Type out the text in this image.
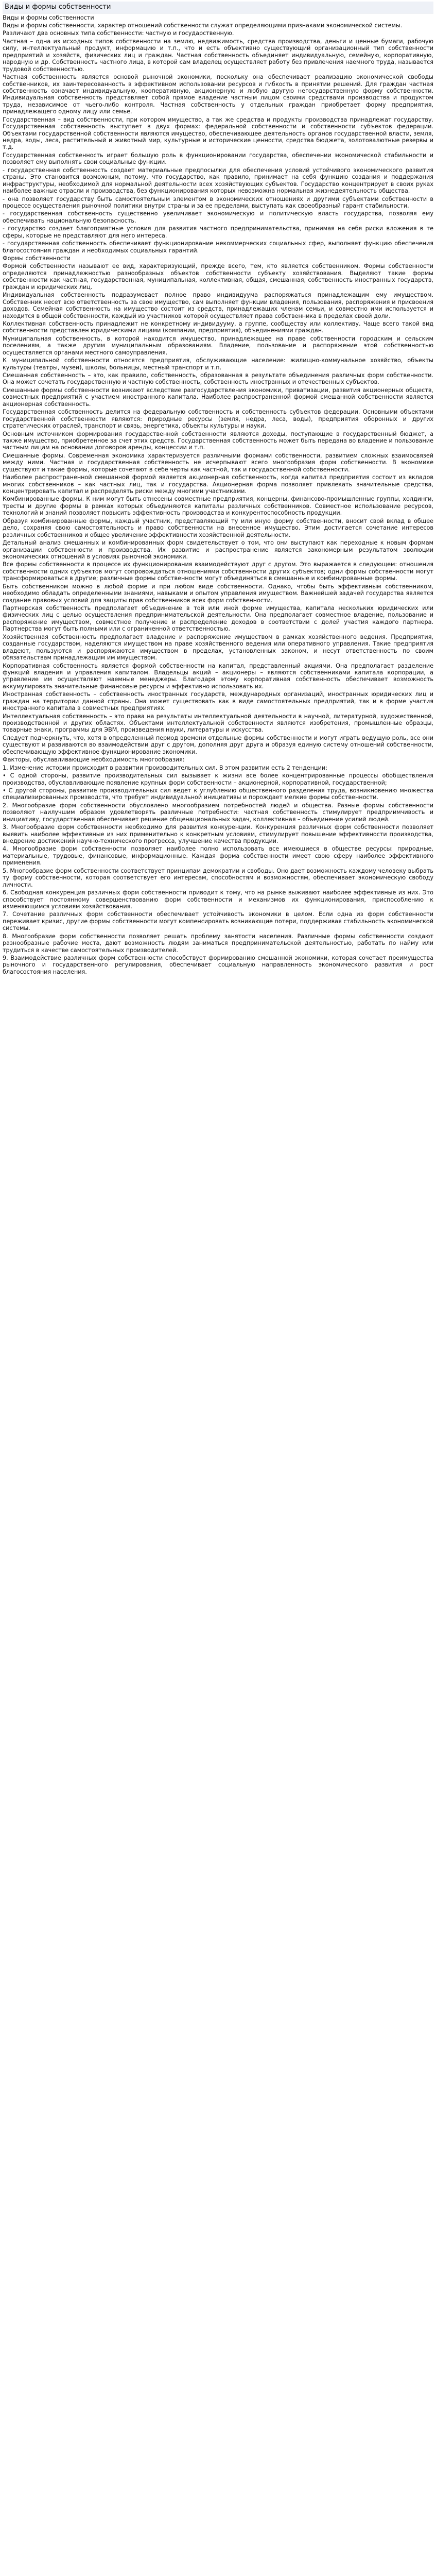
Виды и формы собственности

Виды и формы собственности

Виды и формы собственности, характер отношений собственности служат определяющими признаками экономической системы.

Различают два основных типа собственности: частную и государственную.

Частная – одна из исходных типов собственности на землю, недвижимость, средства производства, деньги и ценные бумаги, рабочую силу, интеллектуальный продукт, информацию и т.п., что и есть объективно существующий организационный тип собственности предприятий и хозяйств, физических лиц и граждан. Частная собственность объединяет индивидуальную, семейную, корпоративную, народную и др. Собственность частного лица, в которой сам владелец осуществляет работу без привлечения наемного труда, называется трудовой собственностью.

Частная собственность является основой рыночной экономики, поскольку она обеспечивает реализацию экономической свободы собственников, их заинтересованность в эффективном использовании ресурсов и гибкость в принятии решений. Для граждан частная собственность означает индивидуальную, кооперативную, акционерную и любую другую негосударственную форму собственности. Индивидуальная собственность представляет собой прямое владение частным лицом своими средствами производства и продуктом труда, независимое от чьего-либо контроля. Частная собственность у отдельных граждан приобретает форму предприятия, принадлежащего одному лицу или семье.

Государственная – вид собственности, при котором имущество, а так же средства и продукты производства принадлежат государству. Государственная собственность выступает в двух формах: федеральной собственности и собственности субъектов федерации. Объектами государственной собственности являются имущество, обеспечивающее деятельность органов государственной власти, земля, недра, воды, леса, растительный и животный мир, культурные и исторические ценности, средства бюджета, золотовалютные резервы и т.д.

Государственная собственность играет большую роль в функционировании государства, обеспечении экономической стабильности и позволяет ему выполнять свои социальные функции.

- государственная собственность создает материальные предпосылки для обеспечения условий устойчивого экономического развития страны. Это становится возможным, потому, что государство, как правило, принимает на себя функцию создания и поддержания инфраструктуры, необходимой для нормальной деятельности всех хозяйствующих субъектов. Государство концентрирует в своих руках наиболее важные отрасли и производства, без функционирования которых невозможна нормальная жизнедеятельность общества.

- она позволяет государству быть самостоятельным элементом в экономических отношениях и другими субъектами собственности в процессе осуществления рыночной политики внутри страны и за ее пределами, выступать как своеобразный гарант стабильности.

- государственная собственность существенно увеличивает экономическую и политическую власть государства, позволяя ему обеспечивать национальную безопасность.

- государство создает благоприятные условия для развития частного предпринимательства, принимая на себя риски вложения в те сферы, которые не представляют для него интереса.

- государственная собственность обеспечивает функционирование некоммерческих социальных сфер, выполняет функцию обеспечения благосостояния граждан и необходимых социальных гарантий.

Формы собственности

Формой собственности называют ее вид, характеризующий, прежде всего, тем, кто является собственником. Формы собственности определяются принадлежностью разнообразных объектов собственности субъекту хозяйствования. Выделяют такие формы собственности как частная, государственная, муниципальная, коллективная, общая, смешанная, собственность иностранных государств, граждан и юридических лиц.

Индивидуальная собственность подразумевает полное право индивидуума распоряжаться принадлежащим ему имуществом. Собственник несет всю ответственность за свое имущество, сам выполняет функции владения, пользования, распоряжения и присвоения доходов. Семейная собственность на имущество состоит из средств, принадлежащих членам семьи, и совместно ими используется и находится в общей собственности, каждый из участников которой осуществляет права собственника в пределах своей доли.

Коллективная собственность принадлежит не конкретному индивидууму, а группе, сообществу или коллективу. Чаще всего такой вид собственности представлен юридическими лицами (компании, предприятия), объединениями граждан.

Муниципальная собственность, в которой находится имущество, принадлежащее на праве собственности городским и сельским поселениям, а также другим муниципальным образованиям. Владение, пользование и распоряжение этой собственностью осуществляется органами местного самоуправления.

К муниципальной собственности относятся предприятия, обслуживающие население: жилищно-коммунальное хозяйство, объекты культуры (театры, музеи), школы, больницы, местный транспорт и т.п.

Смешанная собственность – это, как правило, собственность, образованная в результате объединения различных форм собственности. Она может сочетать государственную и частную собственность, собственность иностранных и отечественных субъектов.

Смешанные формы собственности возникают вследствие разгосударствления экономики, приватизации, развития акционерных обществ, совместных предприятий с участием иностранного капитала. Наиболее распространенной формой смешанной собственности является акционерная собственность.

Государственная собственность делится на федеральную собственность и собственность субъектов федерации. Основными объектами государственной собственности являются: природные ресурсы (земля, недра, леса, воды), предприятия оборонных и других стратегических отраслей, транспорт и связь, энергетика, объекты культуры и науки.

Основным источником формирования государственной собственности являются доходы, поступающие в государственный бюджет, а также имущество, приобретенное за счет этих средств. Государственная собственность может быть передана во владение и пользование частным лицам на основании договоров аренды, концессии и т.п.

Смешанные формы. Современная экономика характеризуется различными формами собственности, развитием сложных взаимосвязей между ними. Частная и государственная собственность не исчерпывают всего многообразия форм собственности. В экономике существуют и такие формы, которые сочетают в себе черты как частной, так и государственной собственности.

Наиболее распространенной смешанной формой является акционерная собственность, когда капитал предприятия состоит из вкладов многих собственников – как частных лиц, так и государства. Акционерная форма позволяет привлекать значительные средства, концентрировать капитал и распределять риски между многими участниками.

Комбинированные формы. К ним могут быть отнесены совместные предприятия, концерны, финансово-промышленные группы, холдинги, тресты и другие формы в рамках которых объединяются капиталы различных собственников. Совместное использование ресурсов, технологий и знаний позволяет повысить эффективность производства и конкурентоспособность продукции.

Образуя комбинированные формы, каждый участник, представляющий ту или иную форму собственности, вносит свой вклад в общее дело, сохраняя свою самостоятельность и право собственности на внесенное имущество. Этим достигается сочетание интересов различных собственников и общее увеличение эффективности хозяйственной деятельности.

Детальный анализ смешанных и комбинированных форм свидетельствует о том, что они выступают как переходные к новым формам организации собственности и производства. Их развитие и распространение является закономерным результатом эволюции экономических отношений в условиях рыночной экономики.

Все формы собственности в процессе их функционирования взаимодействуют друг с другом. Это выражается в следующем: отношения собственности одних субъектов могут сопровождаться отношениями собственности других субъектов; одни формы собственности могут трансформироваться в другие; различные формы собственности могут объединяться в смешанные и комбинированные формы.

Быть собственником можно в любой форме и при любом виде собственности. Однако, чтобы быть эффективным собственником, необходимо обладать определенными знаниями, навыками и опытом управления имуществом. Важнейшей задачей государства является создание правовых условий для защиты прав собственников всех форм собственности.

Партнерская собственность предполагает объединение в той или иной форме имущества, капитала нескольких юридических или физических лиц с целью осуществления предпринимательской деятельности. Она предполагает совместное владение, пользование и распоряжение имуществом, совместное получение и распределение доходов в соответствии с долей участия каждого партнера. Партнерства могут быть полными или с ограниченной ответственностью.

Хозяйственная собственность предполагает владение и распоряжение имуществом в рамках хозяйственного ведения. Предприятия, созданные государством, наделяются имуществом на праве хозяйственного ведения или оперативного управления. Такие предприятия владеют, пользуются и распоряжаются имуществом в пределах, установленных законом, и несут ответственность по своим обязательствам принадлежащим им имуществом.

Корпоративная собственность является формой собственности на капитал, представленный акциями. Она предполагает разделение функций владения и управления капиталом. Владельцы акций – акционеры – являются собственниками капитала корпорации, а управление им осуществляют наемные менеджеры. Благодаря этому корпоративная собственность обеспечивает возможность аккумулировать значительные финансовые ресурсы и эффективно использовать их.

Иностранная собственность – собственность иностранных государств, международных организаций, иностранных юридических лиц и граждан на территории данной страны. Она может существовать как в виде самостоятельных предприятий, так и в форме участия иностранного капитала в совместных предприятиях.

Интеллектуальная собственность – это права на результаты интеллектуальной деятельности в научной, литературной, художественной, производственной и других областях. Объектами интеллектуальной собственности являются изобретения, промышленные образцы, товарные знаки, программы для ЭВМ, произведения науки, литературы и искусства.

Следует подчеркнуть, что, хотя в определенный период времени отдельные формы собственности и могут играть ведущую роль, все они существуют и развиваются во взаимодействии друг с другом, дополняя друг друга и образуя единую систему отношений собственности, обеспечивающую эффективное функционирование экономики.

Факторы, обуславливающие необходимость многообразия:

1. Изменение истории происходит в развитии производительных сил. В этом развитии есть 2 тенденции:

• С одной стороны, развитие производительных сил вызывает к жизни все более концентрированные процессы обобществления производства, обуславливающие появление крупных форм собственности – акционерной, корпоративной, государственной;

• С другой стороны, развитие производительных сил ведет к углублению общественного разделения труда, возникновению множества специализированных производств, что требует индивидуальной инициативы и порождает мелкие формы собственности.

2. Многообразие форм собственности обусловлено многообразием потребностей людей и общества. Разные формы собственности позволяют наилучшим образом удовлетворять различные потребности: частная собственность стимулирует предприимчивость и инициативу, государственная обеспечивает решение общенациональных задач, коллективная – объединение усилий людей.

3. Многообразие форм собственности необходимо для развития конкуренции. Конкуренция различных форм собственности позволяет выявить наиболее эффективные из них применительно к конкретным условиям, стимулирует повышение эффективности производства, внедрение достижений научно-технического прогресса, улучшение качества продукции.

4. Многообразие форм собственности позволяет наиболее полно использовать все имеющиеся в обществе ресурсы: природные, материальные, трудовые, финансовые, информационные. Каждая форма собственности имеет свою сферу наиболее эффективного применения.

5. Многообразие форм собственности соответствует принципам демократии и свободы. Оно дает возможность каждому человеку выбрать ту форму собственности, которая соответствует его интересам, способностям и возможностям, обеспечивает экономическую свободу личности.

6. Свободная конкуренция различных форм собственности приводит к тому, что на рынке выживают наиболее эффективные из них. Это способствует постоянному совершенствованию форм собственности и механизмов их функционирования, приспособлению к изменяющимся условиям хозяйствования.

7. Сочетание различных форм собственности обеспечивает устойчивость экономики в целом. Если одна из форм собственности переживает кризис, другие формы собственности могут компенсировать возникающие потери, поддерживая стабильность экономической системы.

8. Многообразие форм собственности позволяет решать проблему занятости населения. Различные формы собственности создают разнообразные рабочие места, дают возможность людям заниматься предпринимательской деятельностью, работать по найму или трудиться в качестве самостоятельных производителей.

9. Взаимодействие различных форм собственности способствует формированию смешанной экономики, которая сочетает преимущества рыночного и государственного регулирования, обеспечивает социальную направленность экономического развития и рост благосостояния населения.
